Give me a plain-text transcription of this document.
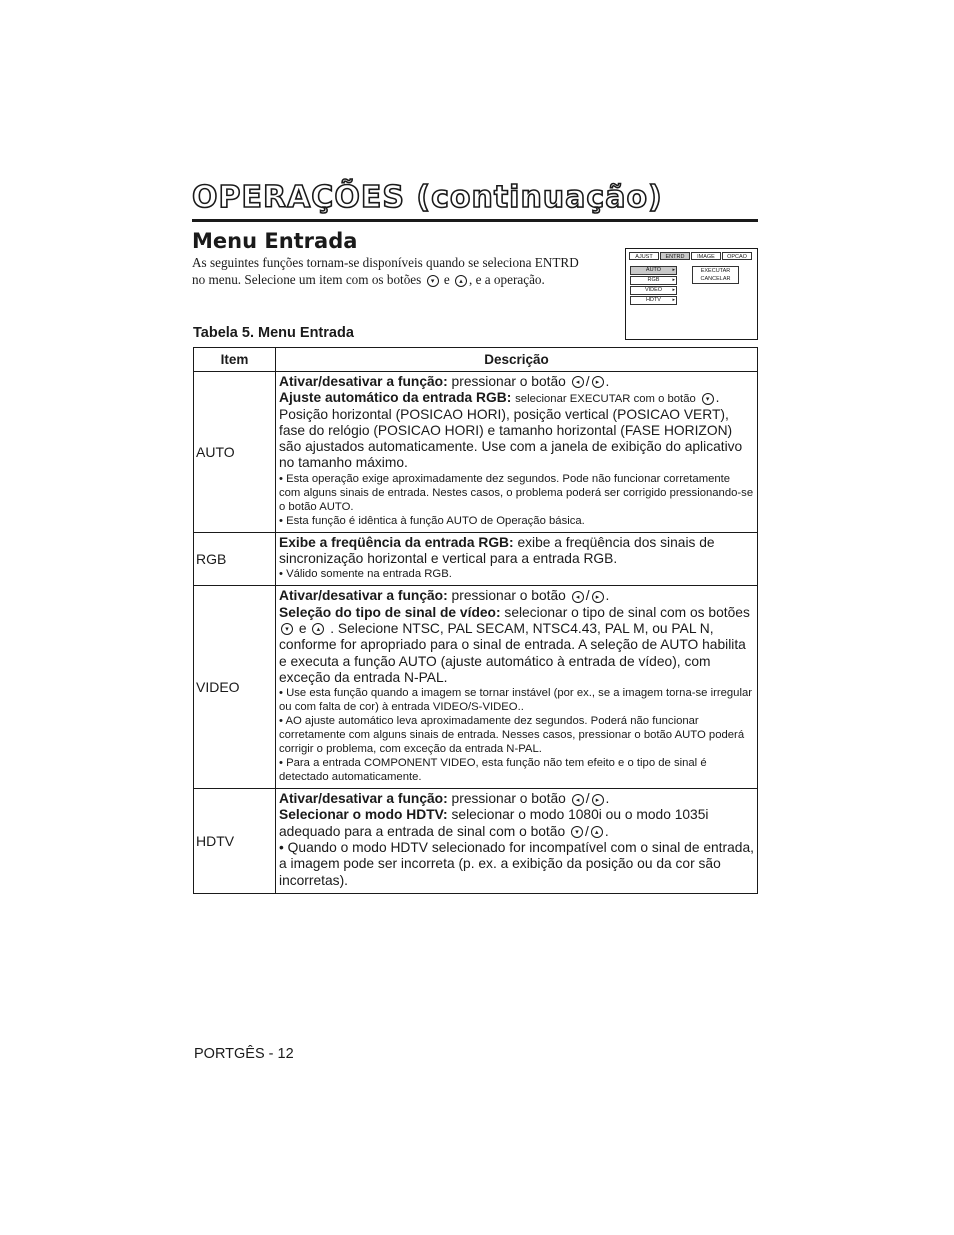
OPERAÇÕES (continuação)
Menu Entrada
As seguintes funções tornam-se disponíveis quando se seleciona ENTRD
no menu. Selecione um item com os botões ▾ e ▴ , e a operação.
AJUST	ENTRD	IMAGE	OPCAO
AUTO ▸
RGB	▸
VIDEO ▸
HDTV ▸
EXECUTAR
CANCELAR
Tabela 5. Menu Entrada
Item	Descrição
AUTO	Ativar/desativar a função: pressionar o botão ◂ / ▸ .
Ajuste automático da entrada RGB: selecionar EXECUTAR com o botão ▾ .
Posição horizontal (POSICAO HORI), posição vertical (POSICAO VERT), fase do relógio (POSICAO HORI) e tamanho horizontal (FASE HORIZON) são ajustados automaticamente. Use com a janela de exibição do aplicativo no tamanho máximo.
• Esta operação exige aproximadamente dez segundos. Pode não funcionar corretamente com alguns sinais de entrada. Nestes casos, o problema poderá ser corrigido pressionando-se o botão AUTO.
• Esta função é idêntica à função AUTO de Operação básica.

RGB	Exibe a freqüência da entrada RGB: exibe a freqüência dos sinais de sincronização horizontal e vertical para a entrada RGB.
• Válido somente na entrada RGB.

VIDEO	Ativar/desativar a função: pressionar o botão ◂ / ▸ .
Seleção do tipo de sinal de vídeo: selecionar o tipo de sinal com os botões ▾ e ▴ . Selecione NTSC, PAL SECAM, NTSC4.43, PAL M, ou PAL N, conforme for apropriado para o sinal de entrada. A seleção de AUTO habilita e executa a função AUTO (ajuste automático à entrada de vídeo), com exceção da entrada N-PAL.
• Use esta função quando a imagem se tornar instável (por ex., se a imagem torna-se irregular ou com falta de cor) à entrada VIDEO/S-VIDEO..
• AO ajuste automático leva aproximadamente dez segundos. Poderá não funcionar corretamente com alguns sinais de entrada. Nesses casos, pressionar o botão AUTO poderá corrigir o problema, com exceção da entrada N-PAL.
• Para a entrada COMPONENT VIDEO, esta função não tem efeito e o tipo de sinal é detectado automaticamente.

HDTV	Ativar/desativar a função: pressionar o botão ◂ / ▸ .
Selecionar o modo HDTV: selecionar o modo 1080i ou o modo 1035i adequado para a entrada de sinal com o botão ▾ / ▴ .
• Quando o modo HDTV selecionado for incompatível com o sinal de entrada, a imagem pode ser incorreta (p. ex. a exibição da posição ou da cor são incorretas).
PORTGÊS - 12
